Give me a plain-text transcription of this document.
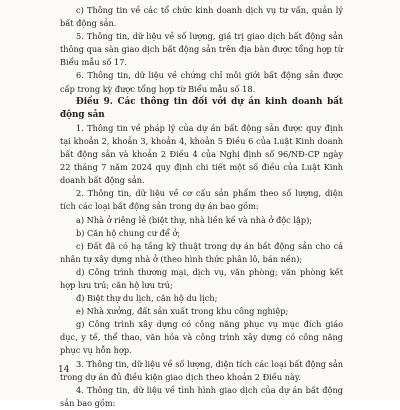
c) Thông tin về các tổ chức kinh doanh dịch vụ tư vấn, quản lý bất động sản.

5. Thông tin, dữ liệu về số lượng, giá trị giao dịch bất động sản thông qua sàn giao dịch bất động sản trên địa bàn được tổng hợp từ Biểu mẫu số 17.

6. Thông tin, dữ liệu về chứng chỉ môi giới bất động sản được cấp trong kỳ được tổng hợp từ Biểu mẫu số 18.

Điều 9. Các thông tin đối với dự án kinh doanh bất động sản

1. Thông tin về pháp lý của dự án bất động sản được quy định tại khoản 2, khoản 3, khoản 4, khoản 5 Điều 6 của Luật Kinh doanh bất động sản và khoản 2 Điều 4 của Nghị định số 96/NĐ-CP ngày 22 tháng 7 năm 2024 quy định chi tiết một số điều của Luật Kinh doanh bất động sản.

2. Thông tin, dữ liệu về cơ cấu sản phẩm theo số lượng, diện tích các loại bất động sản trong dự án bao gồm:

a) Nhà ở riêng lẻ (biệt thự, nhà liền kề và nhà ở độc lập);

b) Căn hộ chung cư để ở;

c) Đất đã có hạ tầng kỹ thuật trong dự án bất động sản cho cá nhân tự xây dựng nhà ở (theo hình thức phân lô, bán nền);

d) Công trình thương mại, dịch vụ, văn phòng; văn phòng kết hợp lưu trú; căn hộ lưu trú;

đ) Biệt thự du lịch, căn hộ du lịch;

e) Nhà xưởng, đất sản xuất trong khu công nghiệp;

g) Công trình xây dựng có công năng phục vụ mục đích giáo dục, y tế, thể thao, văn hóa và công trình xây dựng có công năng phục vụ hỗn hợp.

3. Thông tin, dữ liệu về số lượng, diện tích các loại bất động sản trong dự án đủ điều kiện giao dịch theo khoản 2 Điều này.

4. Thông tin, dữ liệu về tình hình giao dịch của dự án bất động sản bao gồm:

14
